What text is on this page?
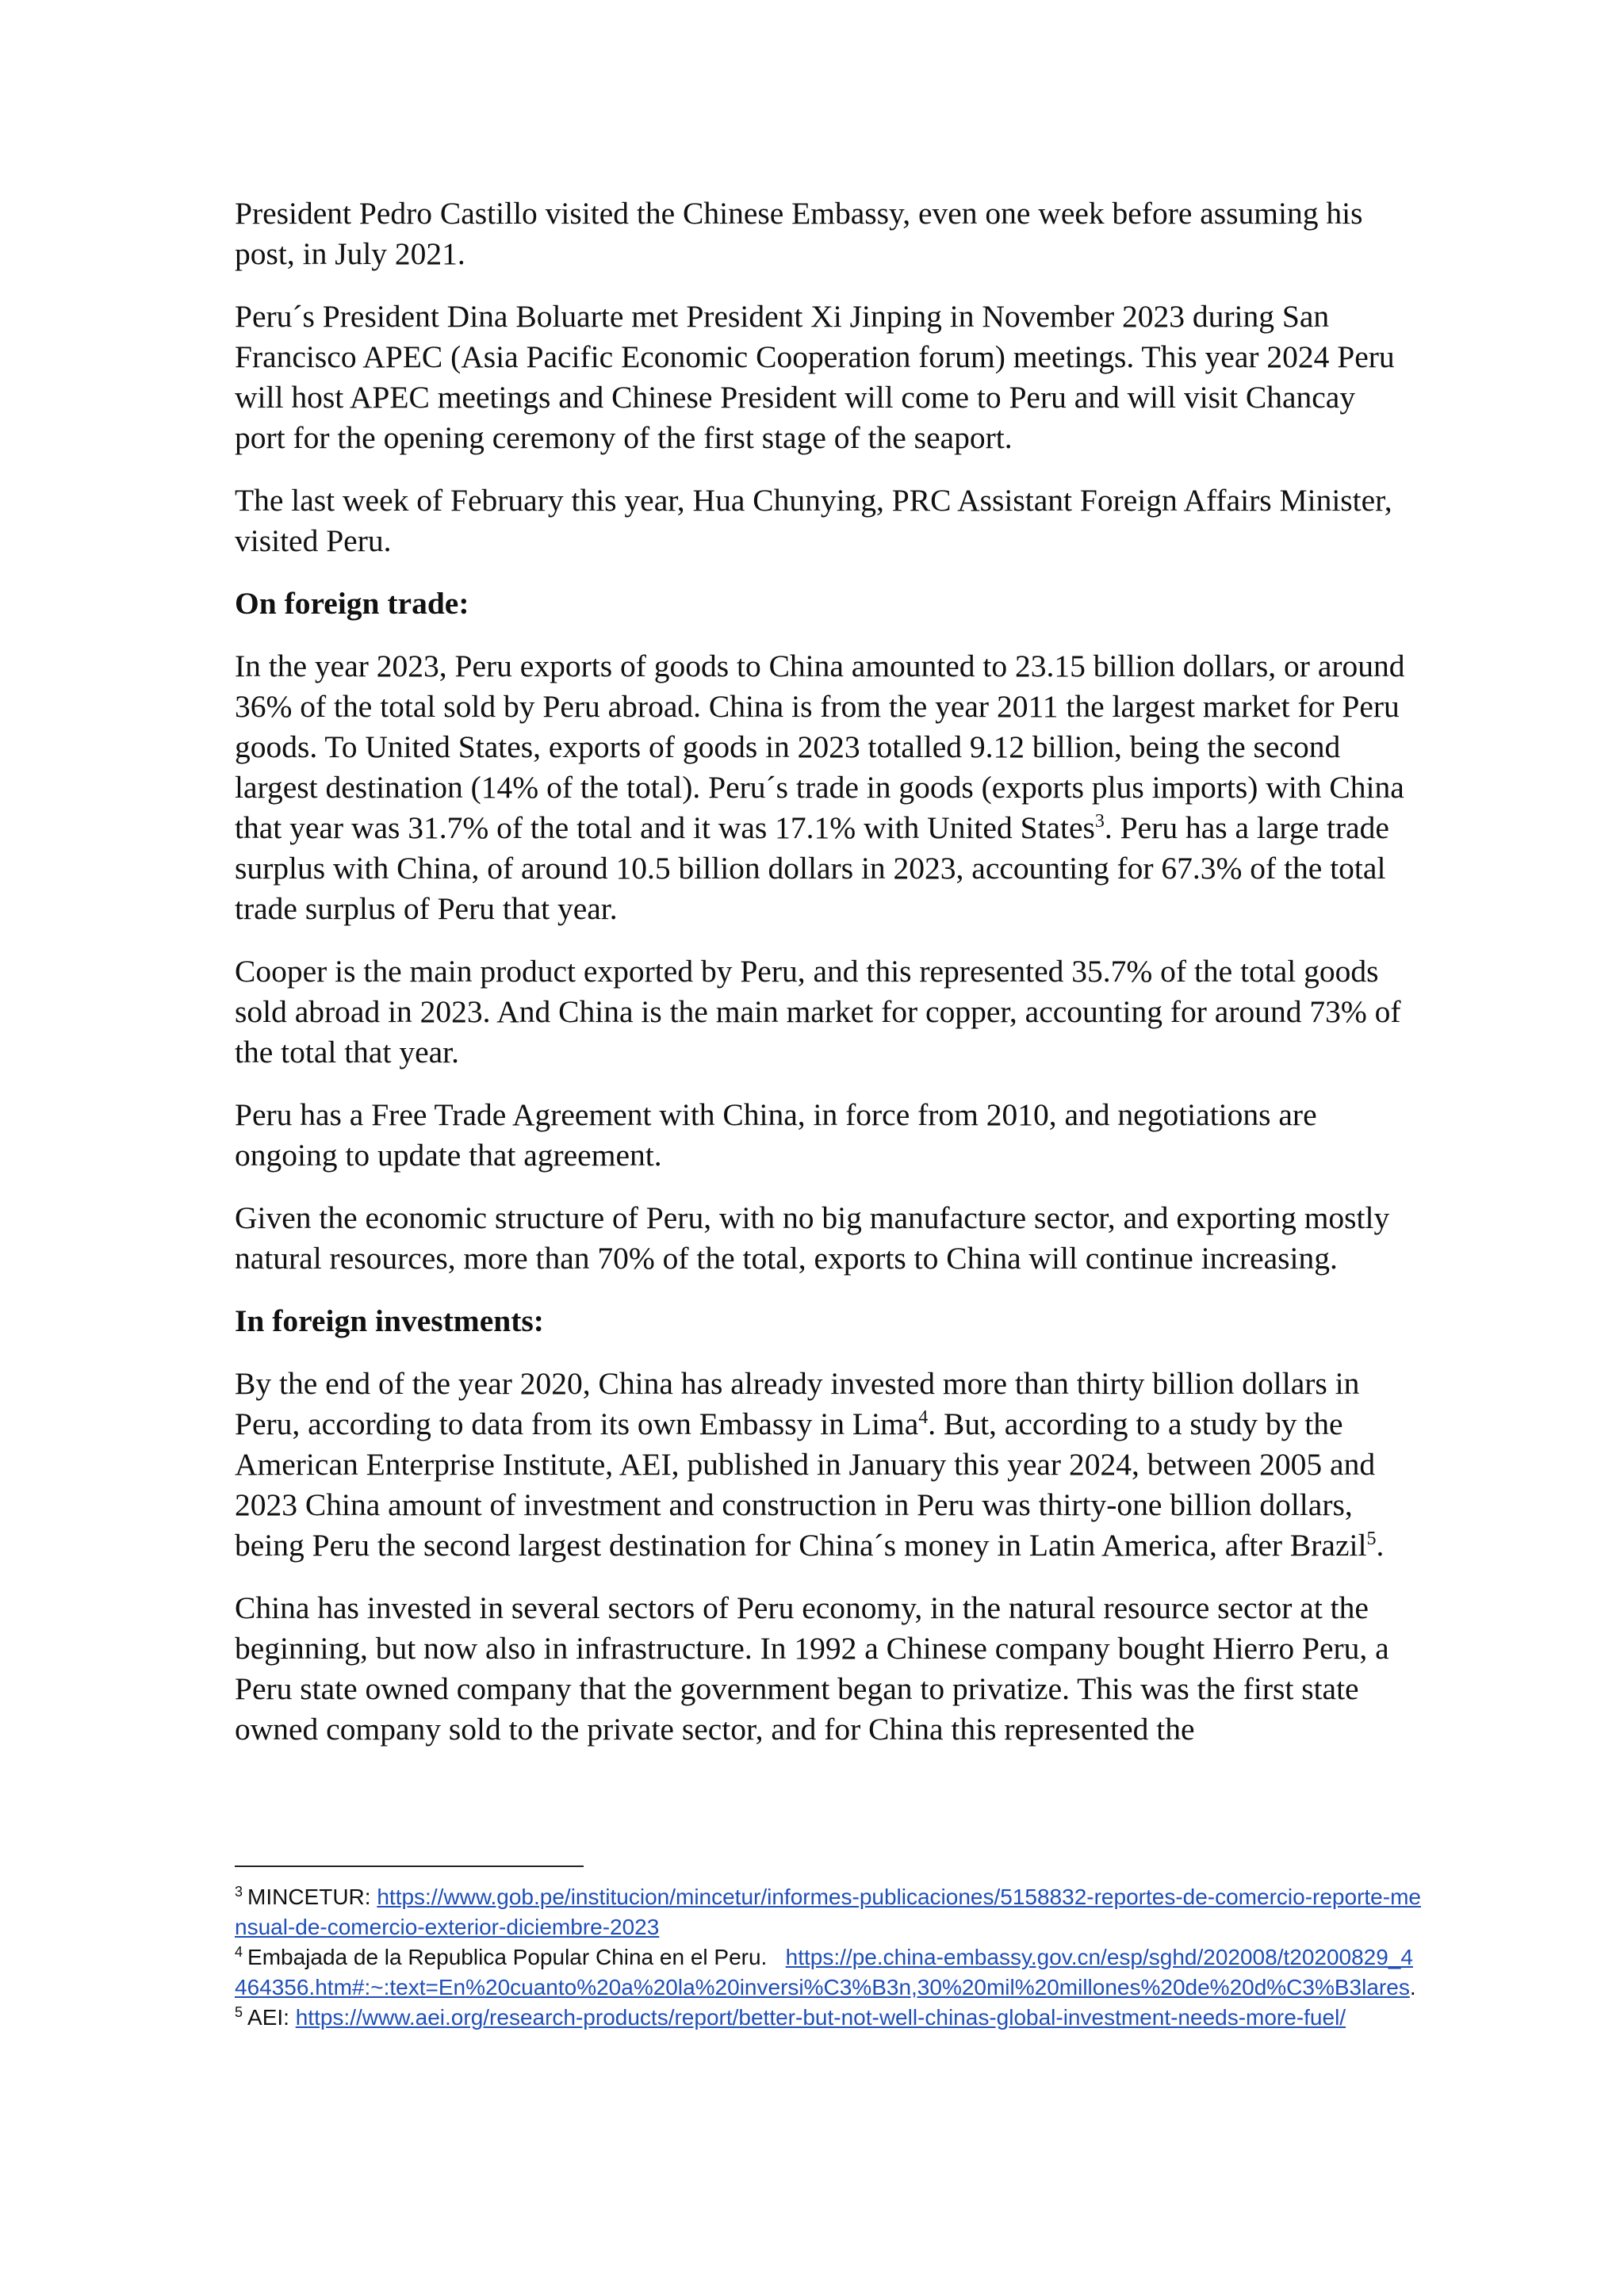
President Pedro Castillo visited the Chinese Embassy, even one week before assuming his post, in July 2021.

Peru´s President Dina Boluarte met President Xi Jinping in November 2023 during San Francisco APEC (Asia Pacific Economic Cooperation forum) meetings. This year 2024 Peru will host APEC meetings and Chinese President will come to Peru and will visit Chancay port for the opening ceremony of the first stage of the seaport.

The last week of February this year, Hua Chunying, PRC Assistant Foreign Affairs Minister, visited Peru.

On foreign trade:

In the year 2023, Peru exports of goods to China amounted to 23.15 billion dollars, or around 36% of the total sold by Peru abroad. China is from the year 2011 the largest market for Peru goods. To United States, exports of goods in 2023 totalled 9.12 billion, being the second largest destination (14% of the total). Peru´s trade in goods (exports plus imports) with China that year was 31.7% of the total and it was 17.1% with United States$^3$. Peru has a large trade surplus with China, of around 10.5 billion dollars in 2023, accounting for 67.3% of the total trade surplus of Peru that year.

Cooper is the main product exported by Peru, and this represented 35.7% of the total goods sold abroad in 2023. And China is the main market for copper, accounting for around 73% of the total that year.

Peru has a Free Trade Agreement with China, in force from 2010, and negotiations are ongoing to update that agreement.

Given the economic structure of Peru, with no big manufacture sector, and exporting mostly natural resources, more than 70% of the total, exports to China will continue increasing.

In foreign investments:

By the end of the year 2020, China has already invested more than thirty billion dollars in Peru, according to data from its own Embassy in Lima$^4$. But, according to a study by the American Enterprise Institute, AEI, published in January this year 2024, between 2005 and 2023 China amount of investment and construction in Peru was thirty-one billion dollars, being Peru the second largest destination for China´s money in Latin America, after Brazil$^5$.

China has invested in several sectors of Peru economy, in the natural resource sector at the beginning, but now also in infrastructure. In 1992 a Chinese company bought Hierro Peru, a Peru state owned company that the government began to privatize. This was the first state owned company sold to the private sector, and for China this represented the

$^3$ MINCETUR: https://www.gob.pe/institucion/mincetur/informes-publicaciones/5158832-reportes-de-comercio-reporte-mensual-de-comercio-exterior-diciembre-2023

$^4$ Embajada de la Republica Popular China en el Peru.   https://pe.china-embassy.gov.cn/esp/sghd/202008/t20200829_4464356.htm#:~:text=En%20cuanto%20a%20la%20inversi%C3%B3n,30%20mil%20millones%20de%20d%C3%B3lares.

$^5$ AEI: https://www.aei.org/research-products/report/better-but-not-well-chinas-global-investment-needs-more-fuel/
